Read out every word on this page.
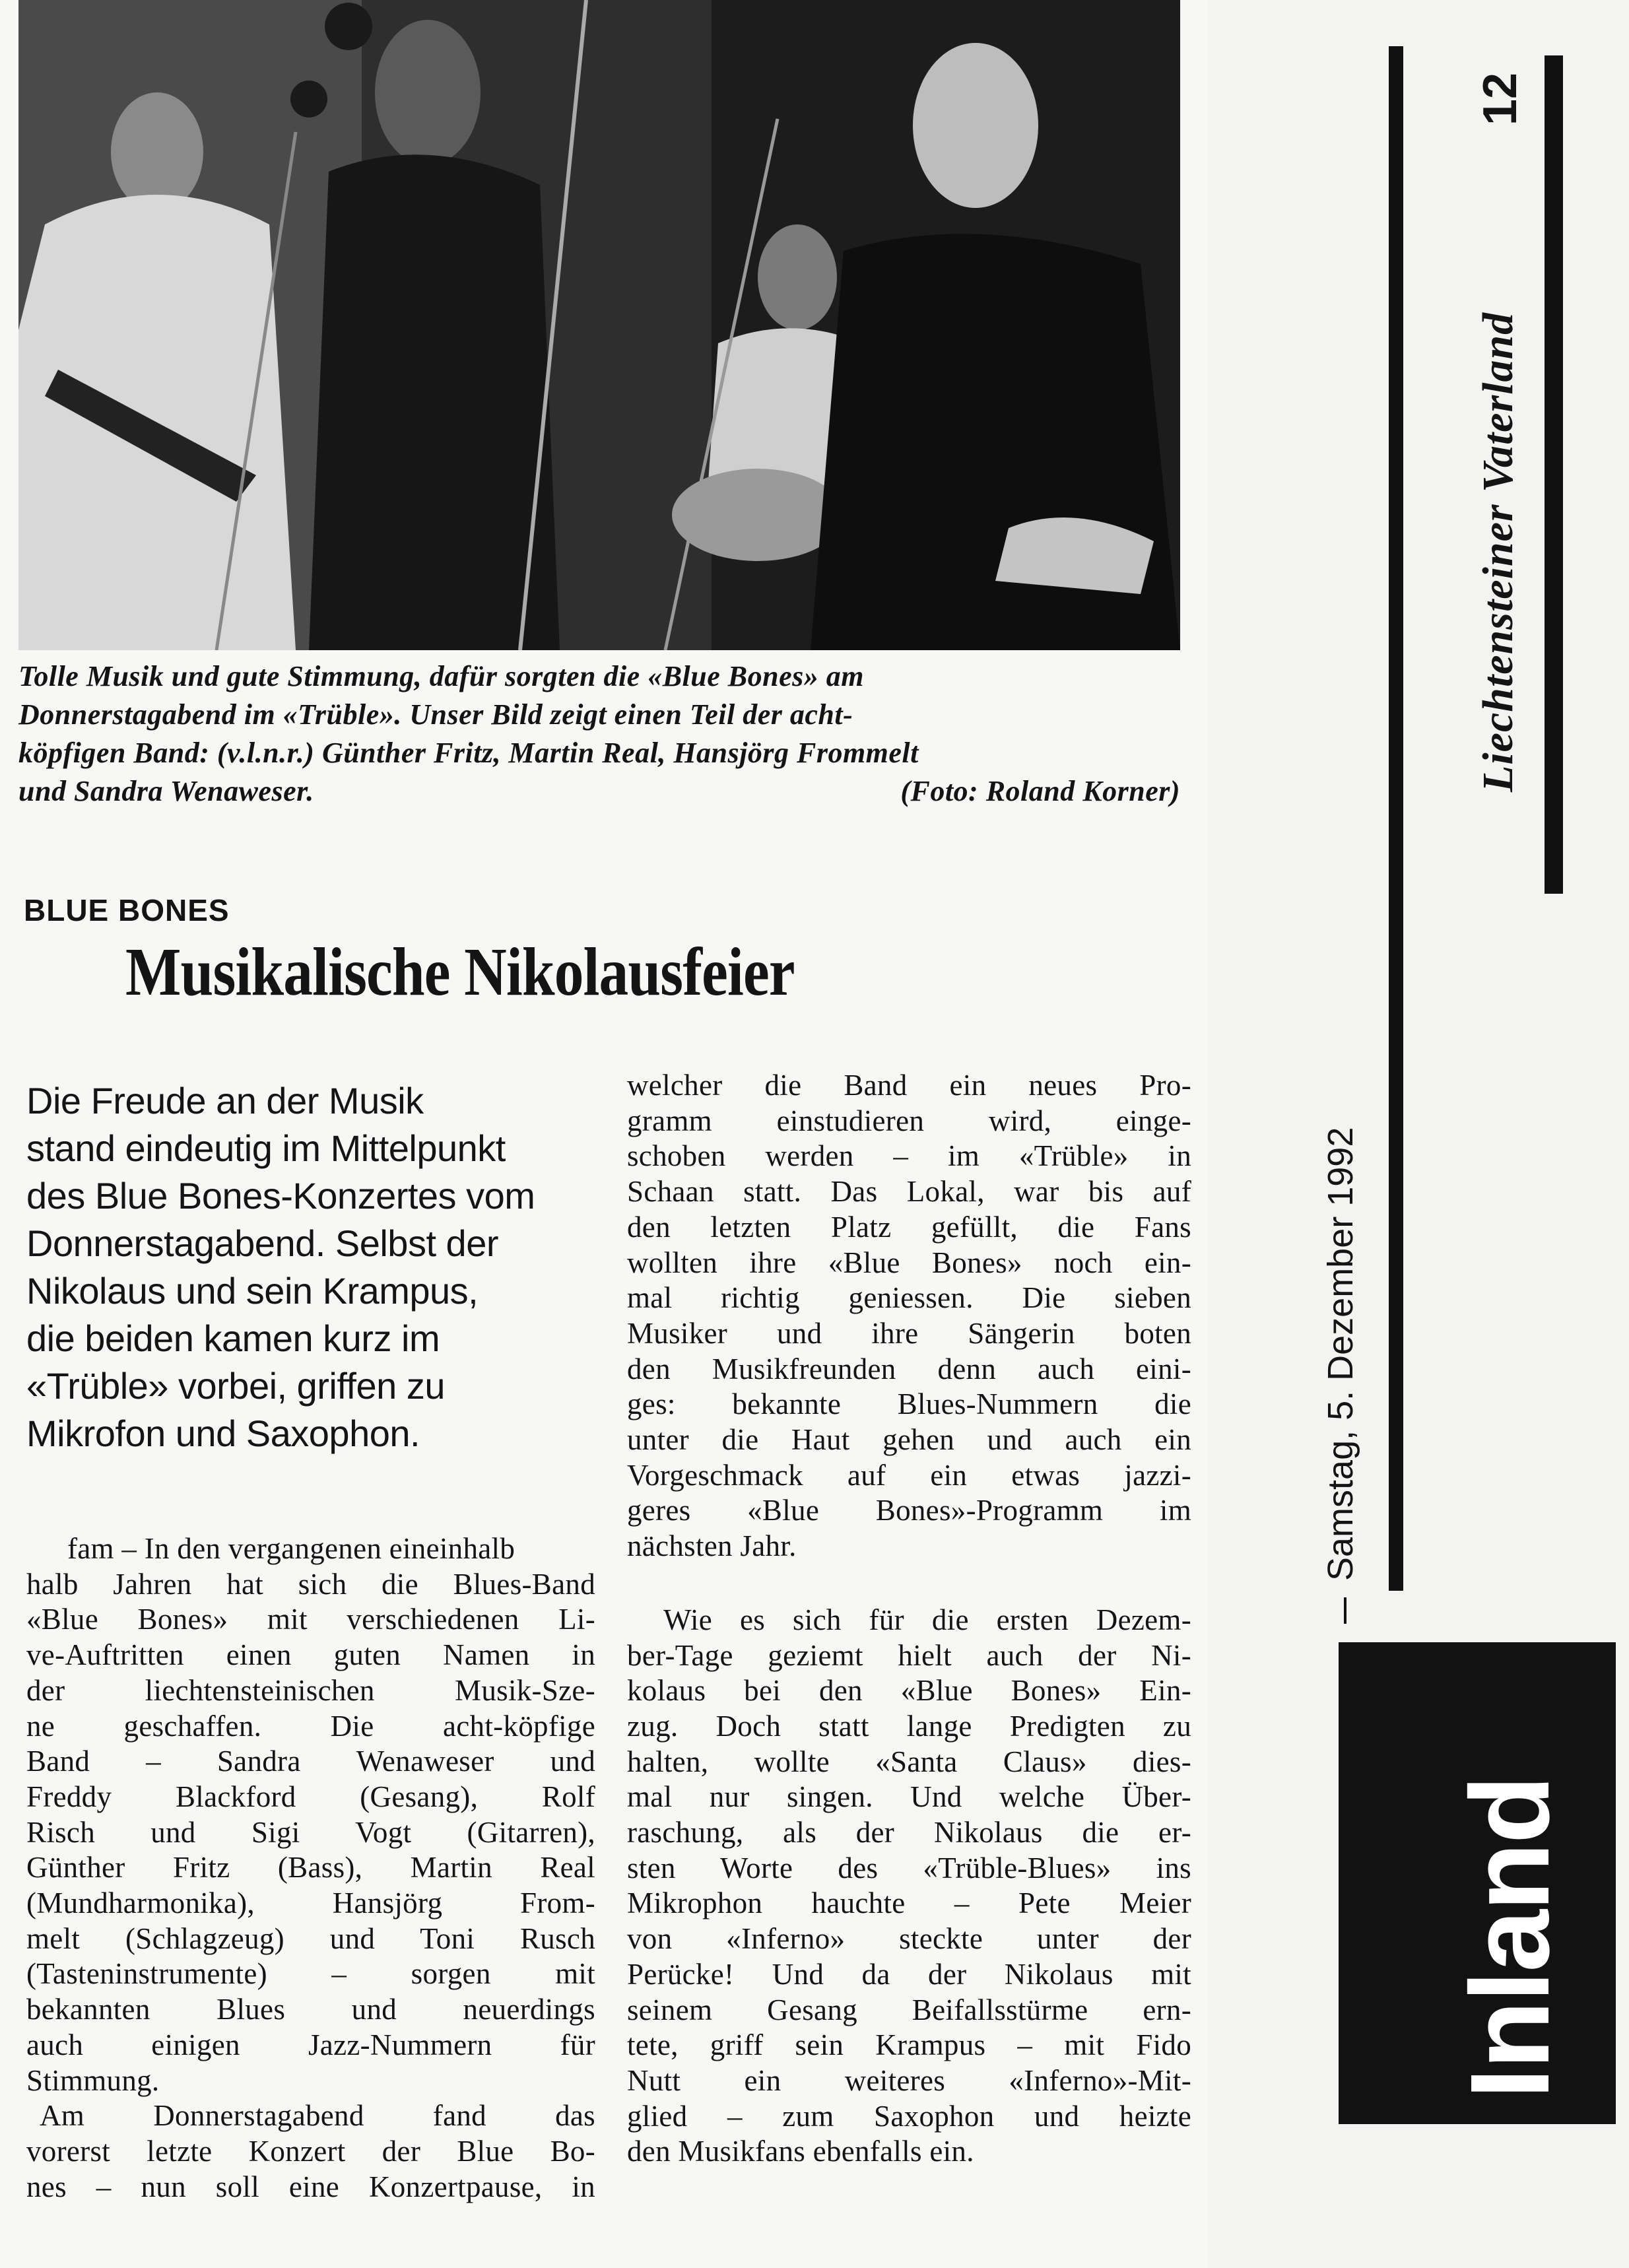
Tolle Musik und gute Stimmung, dafür sorgten die «Blue Bones» am
Donnerstagabend im «Trüble». Unser Bild zeigt einen Teil der acht-
köpfigen Band: (v.l.n.r.) Günther Fritz, Martin Real, Hansjörg Frommelt
und Sandra Wenaweser.	(Foto: Roland Korner)
BLUE BONES
Musikalische Nikolausfeier
Die Freude an der Musik
stand eindeutig im Mittelpunkt
des Blue Bones-Konzertes vom
Donnerstagabend. Selbst der
Nikolaus und sein Krampus,
die beiden kamen kurz im
«Trüble» vorbei, griffen zu
Mikrofon und Saxophon.
fam – In den vergangenen eineinhalb
halb Jahren hat sich die Blues-Band
«Blue Bones» mit verschiedenen Li-
ve-Auftritten einen guten Namen in
der liechtensteinischen Musik-Sze-
ne geschaffen. Die acht-köpfige
Band – Sandra Wenaweser und
Freddy Blackford (Gesang), Rolf
Risch und Sigi Vogt (Gitarren),
Günther Fritz (Bass), Martin Real
(Mundharmonika), Hansjörg From-
melt (Schlagzeug) und Toni Rusch
(Tasteninstrumente) – sorgen mit
bekannten Blues und neuerdings
auch einigen Jazz-Nummern für
Stimmung.
Am Donnerstagabend fand das
vorerst letzte Konzert der Blue Bo-
nes – nun soll eine Konzertpause, in
welcher die Band ein neues Pro-
gramm einstudieren wird, einge-
schoben werden – im «Trüble» in
Schaan statt. Das Lokal, war bis auf
den letzten Platz gefüllt, die Fans
wollten ihre «Blue Bones» noch ein-
mal richtig geniessen. Die sieben
Musiker und ihre Sängerin boten
den Musikfreunden denn auch eini-
ges: bekannte Blues-Nummern die
unter die Haut gehen und auch ein
Vorgeschmack auf ein etwas jazzi-
geres «Blue Bones»-Programm im
nächsten Jahr.
Wie es sich für die ersten Dezem-
ber-Tage geziemt hielt auch der Ni-
kolaus bei den «Blue Bones» Ein-
zug. Doch statt lange Predigten zu
halten, wollte «Santa Claus» dies-
mal nur singen. Und welche Über-
raschung, als der Nikolaus die er-
sten Worte des «Trüble-Blues» ins
Mikrophon hauchte – Pete Meier
von «Inferno» steckte unter der
Perücke! Und da der Nikolaus mit
seinem Gesang Beifallsstürme ern-
tete, griff sein Krampus – mit Fido
Nutt ein weiteres «Inferno»-Mit-
glied – zum Saxophon und heizte
den Musikfans ebenfalls ein.
12
Liechtensteiner Vaterland
Samstag, 5. Dezember 1992
Inland
